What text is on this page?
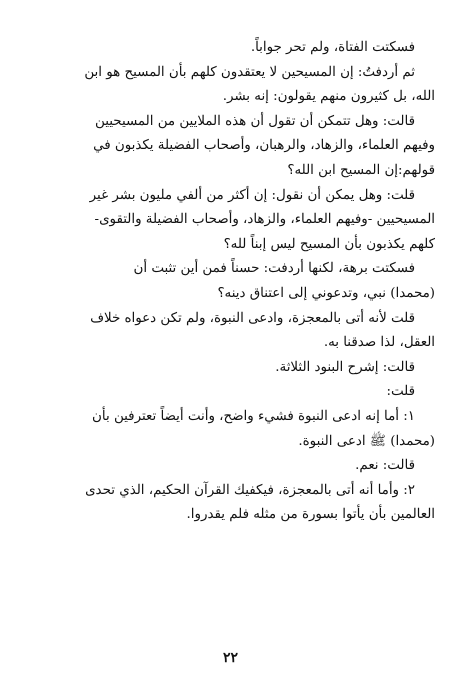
فسكتت الفتاة، ولم تحر جواباً.
ثم أردفتُ: إن المسيحين لا يعتقدون كلهم بأن المسيح هو ابن
الله، بل كثيرون منهم يقولون: إنه بشر.
قالت: وهل تتمكن أن تقول أن هذه الملايين من المسيحيين
وفيهم العلماء، والزهاد، والرهبان، وأصحاب الفضيلة يكذبون في
قولهم:إن المسيح ابن الله؟
قلت: وهل يمكن أن نقول: إن أكثر من ألفي مليون بشر غير
المسيحيين -وفيهم العلماء، والزهاد، وأصحاب الفضيلة والتقوى-
كلهم يكذبون بأن المسيح ليس إبناً لله؟
فسكتت برهة، لكنها أردفت: حسناً فمن أين تثبت أن
(محمدا) نبي، وتدعوني إلى اعتناق دينه؟
قلت لأنه أتى بالمعجزة، وادعى النبوة، ولم تكن دعواه خلاف
العقل، لذا صدقنا به.
قالت: إشرح البنود الثلاثة.
قلت:
١: أما إنه ادعى النبوة فشيء واضح، وأنت أيضاً تعترفين بأن
(محمدا) ﷺ ادعى النبوة.
قالت: نعم.
٢: وأما أنه أتى بالمعجزة، فيكفيك القرآن الحكيم، الذي تحدى
العالمين بأن يأتوا بسورة من مثله فلم يقدروا.
٢٢
